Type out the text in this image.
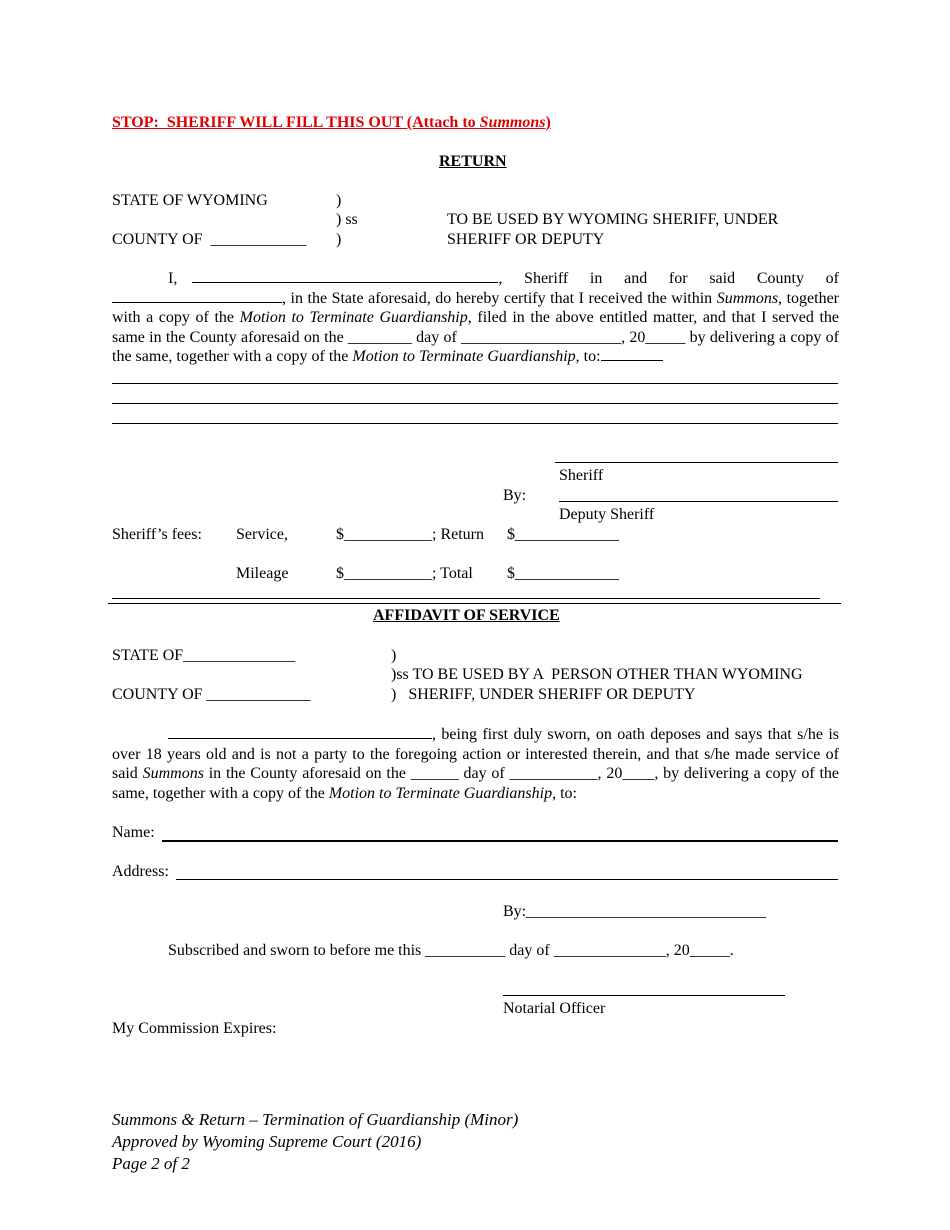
STOP:  SHERIFF WILL FILL THIS OUT (Attach to Summons)
RETURN
STATE OF WYOMING	)
) ss	TO BE USED BY WYOMING SHERIFF, UNDER
COUNTY OF  ____________ )	SHERIFF OR DEPUTY
I,	, Sheriff in and for said County of , in the State aforesaid, do hereby certify that I received the within Summons, together with a copy of the Motion to Terminate Guardianship, filed in the above entitled matter, and that I served the same in the County aforesaid on the ________ day of ____________________, 20_____ by delivering a copy of the same, together with a copy of the Motion to Terminate Guardianship, to:
Sheriff
By:
Deputy Sheriff
Sheriff’s fees: Service,	$___________; Return $_____________
Mileage	$___________; Total $_____________
AFFIDAVIT OF SERVICE
STATE OF______________	)
)ss TO BE USED BY A  PERSON OTHER THAN WYOMING
COUNTY OF _____________	)   SHERIFF, UNDER SHERIFF OR DEPUTY
, being first duly sworn, on oath deposes and says that s/he is over 18 years old and is not a party to the foregoing action or interested therein, and that s/he made service of said Summons in the County aforesaid on the ______ day of ___________, 20____, by delivering a copy of the same, together with a copy of the Motion to Terminate Guardianship, to:
Name:
Address:
By:______________________________
Subscribed and sworn to before me this __________ day of ______________, 20_____.
Notarial Officer
My Commission Expires:
Summons & Return – Termination of Guardianship (Minor)
Approved by Wyoming Supreme Court (2016)
Page 2 of 2
